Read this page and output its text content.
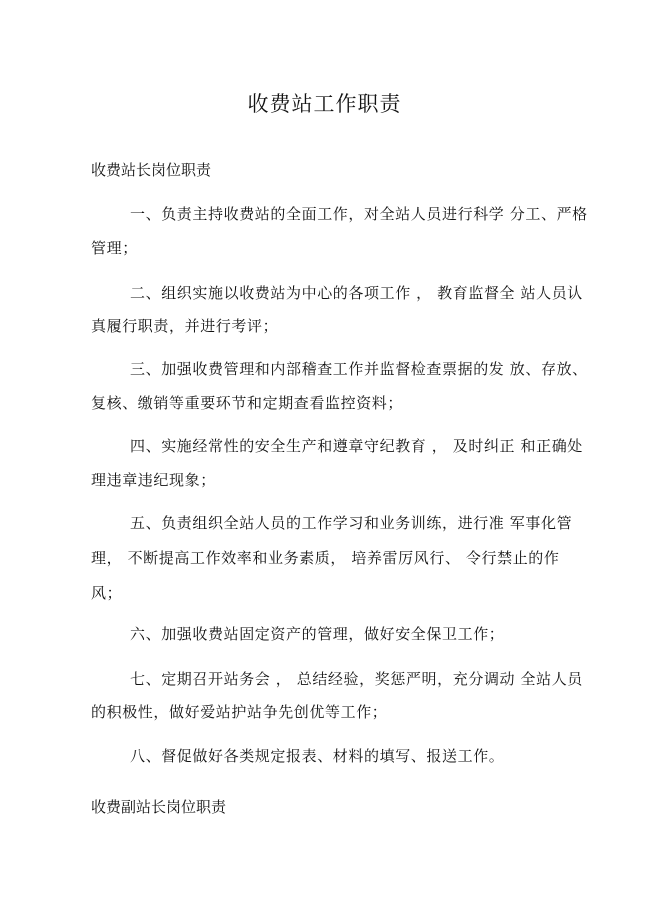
收费站工作职责
收费站长岗位职责
一、负责主持收费站的全面工作，对全站人员进行科学 分工、严格
管理；
二、组织实施以收费站为中心的各项工作 ， 教育监督全 站人员认
真履行职责，并进行考评；
三、加强收费管理和内部稽查工作并监督检查票据的发 放、存放、
复核、缴销等重要环节和定期查看监控资料；
四、实施经常性的安全生产和遵章守纪教育 ， 及时纠正 和正确处
理违章违纪现象；
五、负责组织全站人员的工作学习和业务训练，进行准 军事化管
理， 不断提高工作效率和业务素质， 培养雷厉风行、 令行禁止的作
风；
六、加强收费站固定资产的管理，做好安全保卫工作；
七、定期召开站务会 ， 总结经验，奖惩严明，充分调动 全站人员
的积极性，做好爱站护站争先创优等工作；
八、督促做好各类规定报表、材料的填写、报送工作。
收费副站长岗位职责
